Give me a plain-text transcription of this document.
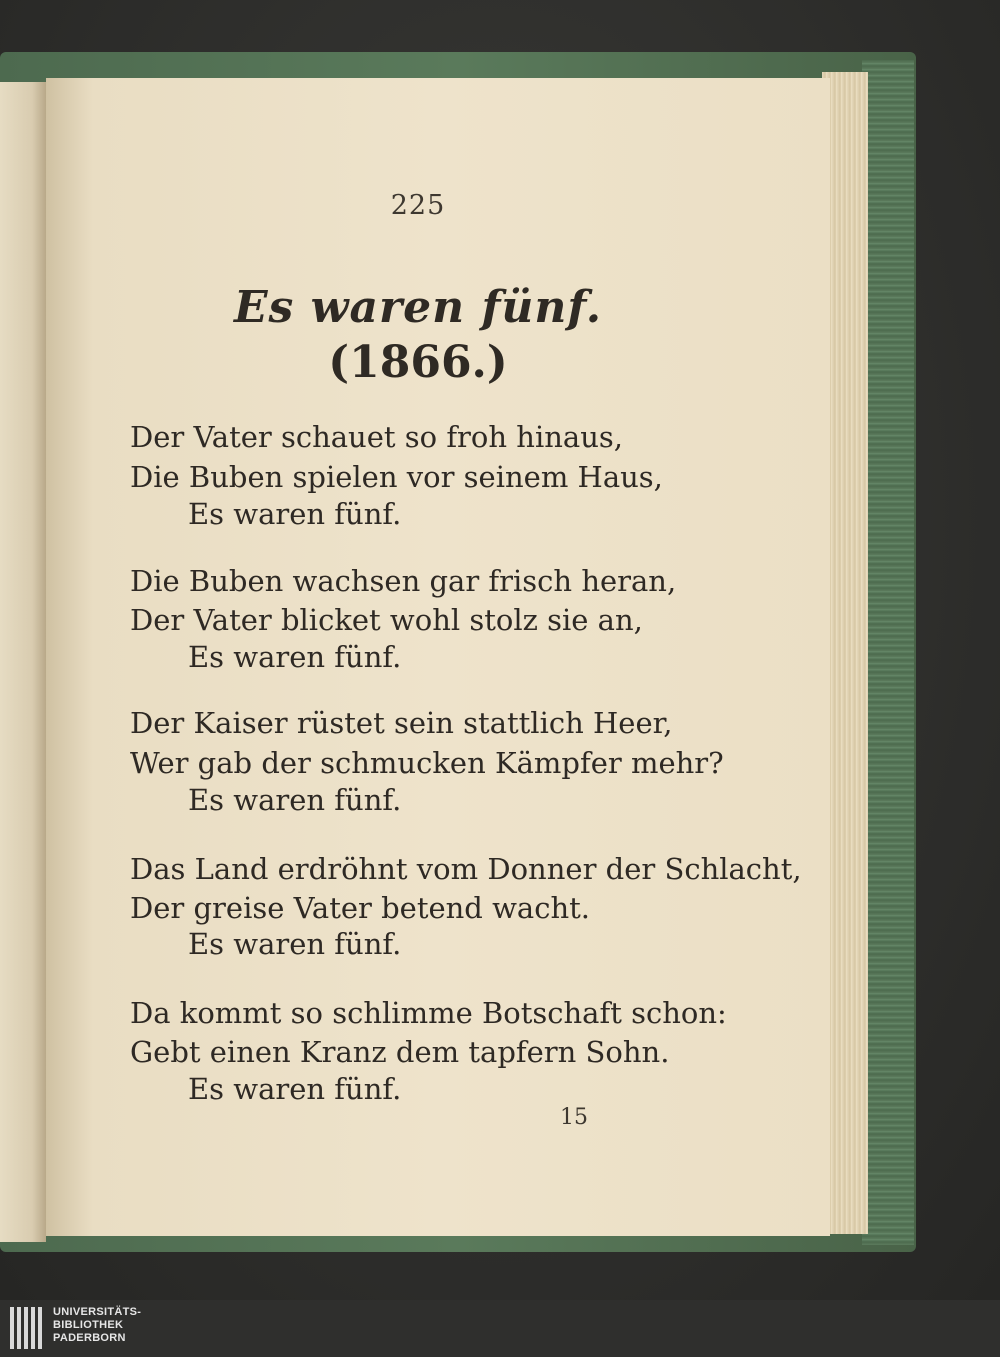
225
Es waren fünf.
(1866.)
Der Vater schauet so froh hinaus,
Die Buben spielen vor seinem Haus,
Es waren fünf.
Die Buben wachsen gar frisch heran,
Der Vater blicket wohl stolz sie an,
Es waren fünf.
Der Kaiser rüstet sein stattlich Heer,
Wer gab der schmucken Kämpfer mehr?
Es waren fünf.
Das Land erdröhnt vom Donner der Schlacht,
Der greise Vater betend wacht.
Es waren fünf.
Da kommt so schlimme Botschaft schon:
Gebt einen Kranz dem tapfern Sohn.
Es waren fünf.
15
UNIVERSITÄTS-
BIBLIOTHEK
PADERBORN
